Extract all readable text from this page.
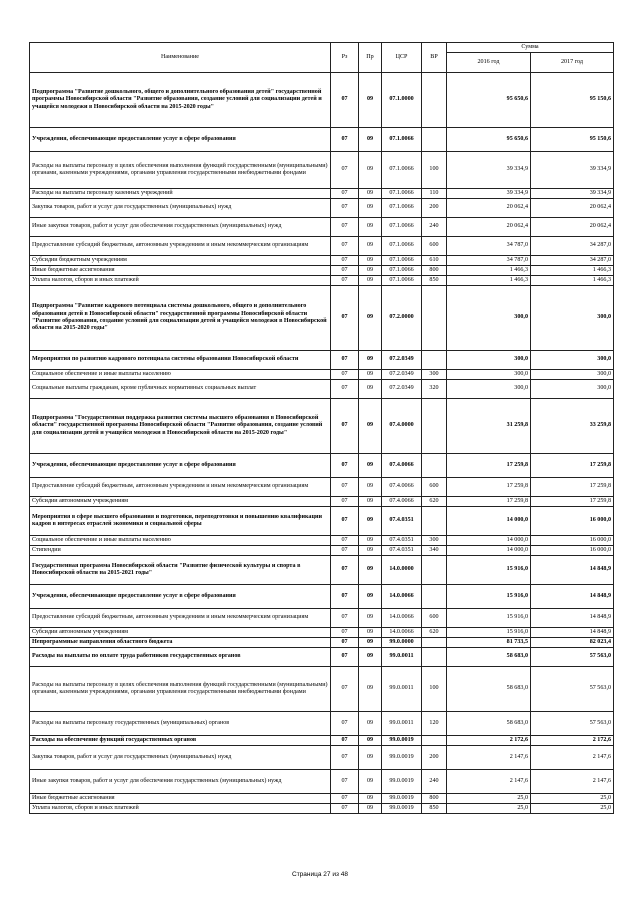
Наименование	Рз	Пр	ЦСР	ВР	Сумма	
					2016 год	2017 год
Подпрограмма "Развитие дошкольного, общего и дополнительного образования детей" государственной программы Новосибирской области "Развитие образования, создание условий для социализации детей и учащейся молодежи в Новосибирской области на 2015-2020 годы"	07	09	07.1.0000		95 650,6	95 150,6
Учреждения, обеспечивающие предоставление услуг в сфере образования	07	09	07.1.0066		95 650,6	95 150,6
Расходы на выплаты персоналу в целях обеспечения выполнения функций государственными (муниципальными) органами, казенными учреждениями, органами управления государственными внебюджетными фондами	07	09	07.1.0066	100	39 334,9	39 334,9
Расходы на выплаты персоналу казенных учреждений	07	09	07.1.0066	110	39 334,9	39 334,9
Закупка товаров, работ и услуг для государственных (муниципальных) нужд	07	09	07.1.0066	200	20 062,4	20 062,4
Иные закупки товаров, работ и услуг для обеспечения государственных (муниципальных) нужд	07	09	07.1.0066	240	20 062,4	20 062,4
Предоставление субсидий бюджетным, автономным учреждениям и иным некоммерческим организациям	07	09	07.1.0066	600	34 787,0	34 287,0
Субсидии бюджетным учреждениям	07	09	07.1.0066	610	34 787,0	34 287,0
Иные бюджетные ассигнования	07	09	07.1.0066	800	1 466,3	1 466,3
Уплата налогов, сборов и иных платежей	07	09	07.1.0066	850	1 466,3	1 466,3
Подпрограмма "Развитие кадрового потенциала системы дошкольного, общего и дополнительного образования детей в Новосибирской области" государственной программы Новосибирской области "Развитие образования, создание условий для социализации детей и учащейся молодежи в Новосибирской области на 2015-2020 годы"	07	09	07.2.0000		300,0	300,0
Мероприятия по развитию кадрового потенциала системы образования Новосибирской области	07	09	07.2.0349		300,0	300,0
Социальное обеспечение и иные выплаты населению	07	09	07.2.0349	300	300,0	300,0
Социальные выплаты гражданам, кроме публичных нормативных социальных выплат	07	09	07.2.0349	320	300,0	300,0
Подпрограмма "Государственная поддержка развития системы высшего образования в Новосибирской области" государственной программы Новосибирской области "Развитие образования, создание условий для социализации детей и учащейся молодежи в Новосибирской области на 2015-2020 годы"	07	09	07.4.0000		31 259,8	33 259,8
Учреждения, обеспечивающие предоставление услуг в сфере образования	07	09	07.4.0066		17 259,8	17 259,8
Предоставление субсидий бюджетным, автономным учреждениям и иным некоммерческим организациям	07	09	07.4.0066	600	17 259,8	17 259,8
Субсидии автономным учреждениям	07	09	07.4.0066	620	17 259,8	17 259,8
Мероприятия в сфере высшего образования и подготовки, переподготовки и повышению квалификации кадров в интересах отраслей экономики и социальной сферы	07	09	07.4.0351		14 000,0	16 000,0
Социальное обеспечение и иные выплаты населению	07	09	07.4.0351	300	14 000,0	16 000,0
Стипендии	07	09	07.4.0351	340	14 000,0	16 000,0
Государственная программа Новосибирской области "Развитие физической культуры и спорта в Новосибирской области на 2015-2021 годы"	07	09	14.0.0000		15 916,0	14 848,9
Учреждения, обеспечивающие предоставление услуг в сфере образования	07	09	14.0.0066		15 916,0	14 848,9
Предоставление субсидий бюджетным, автономным учреждениям и иным некоммерческим организациям	07	09	14.0.0066	600	15 916,0	14 848,9
Субсидии автономным учреждениям	07	09	14.0.0066	620	15 916,0	14 848,9
Непрограммные направления областного бюджета	07	09	99.0.0000		81 733,5	82 023,4
Расходы на выплаты по оплате труда работников государственных органов	07	09	99.0.0011		58 683,0	57 563,0
Расходы на выплаты персоналу в целях обеспечения выполнения функций государственными (муниципальными) органами, казенными учреждениями, органами управления государственными внебюджетными фондами	07	09	99.0.0011	100	58 683,0	57 563,0
Расходы на выплаты персоналу государственных (муниципальных) органов	07	09	99.0.0011	120	58 683,0	57 563,0
Расходы на обеспечение функций государственных органов	07	09	99.0.0019		2 172,6	2 172,6
Закупка товаров, работ и услуг для государственных (муниципальных) нужд	07	09	99.0.0019	200	2 147,6	2 147,6
Иные закупки товаров, работ и услуг для обеспечения государственных (муниципальных) нужд	07	09	99.0.0019	240	2 147,6	2 147,6
Иные бюджетные ассигнования	07	09	99.0.0019	800	25,0	25,0
Уплата налогов, сборов и иных платежей	07	09	99.0.0019	850	25,0	25,0
Страница 27 из 48
